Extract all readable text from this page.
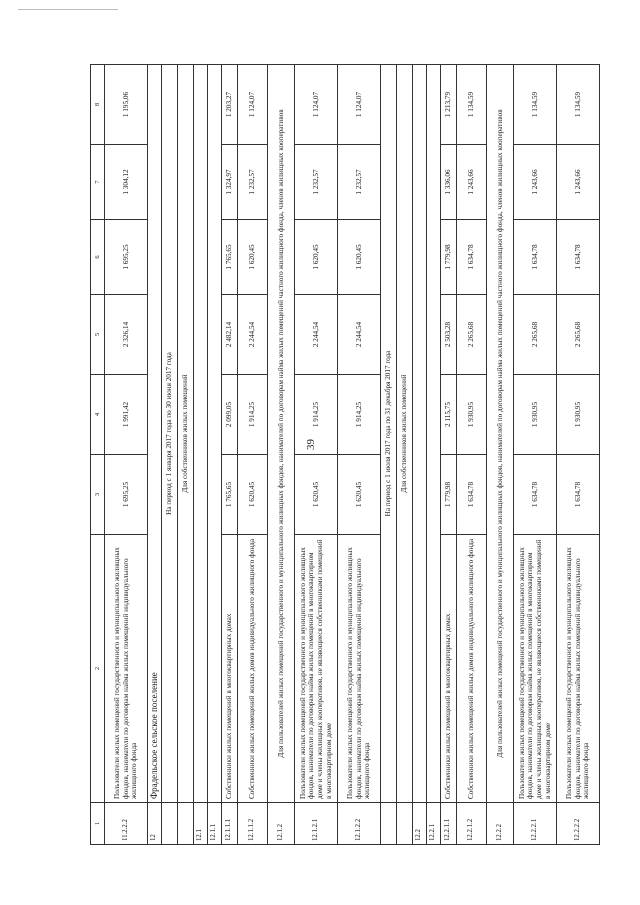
39
1	2	3	4	5	6	7	8
11.2.2.2	Пользователи жилых помещений государственного и муниципального жилищных фондов, наниматели по договорам найма жилых помещений индивидуального жилищного фонда	1 695,25	1 991,42	2 326,14	1 695,25	1 304,12	1 195,06
12	Фрадельское сельское поселение						
	На период с 1 января 2017 года по 30 июня 2017 года						
	Для собственников жилых помещений						
12.1							
12.1.1							
12.1.1.1	Собственники жилых помещений в многоквартирных домах	1 765,65	2 099,05	2 482,14	1 765,65	1 324,97	1 203,27
12.1.1.2	Собственники жилых помещений жилых домов индивидуального жилищного фонда	1 620,45	1 914,25	2 244,54	1 620,45	1 232,57	1 124,07
12.1.2	Для пользователей жилых помещений государственного и муниципального жилищных фондов, нанимателей по договорам найма жилых помещений частного жилищного фонда, членов жилищных кооперативов						
12.1.2.1	Пользователи жилых помещений государственного и муниципального жилищных фондов, наниматели по договорам найма жилых помещений в многоквартирном доме и члены жилищных кооперативов, не являющиеся собственниками помещений в многоквартирном доме	1 620,45	1 914,25	2 244,54	1 620,45	1 232,57	1 124,07
12.1.2.2	Пользователи жилых помещений государственного и муниципального жилищных фондов, наниматели по договорам найма жилых помещений индивидуального жилищного фонда	1 620,45	1 914,25	2 244,54	1 620,45	1 232,57	1 124,07
	На период с 1 июля 2017 года по 31 декабря 2017 года						
	Для собственников жилых помещений						
12.2							
12.2.1							
12.2.1.1	Собственники жилых помещений в многоквартирных домах	1 779,98	2 115,75	2 503,28	1 779,98	1 336,06	1 213,79
12.2.1.2	Собственники жилых помещений жилых домов индивидуального жилищного фонда	1 634,78	1 930,95	2 265,68	1 634,78	1 243,66	1 134,59
12.2.2	Для пользователей жилых помещений государственного и муниципального жилищных фондов, нанимателей по договорам найма жилых помещений частного жилищного фонда, членов жилищных кооперативов						
12.2.2.1	Пользователи жилых помещений государственного и муниципального жилищных фондов, наниматели по договорам найма жилых помещений в многоквартирном доме и члены жилищных кооперативов, не являющиеся собственниками помещений в многоквартирном доме	1 634,78	1 930,95	2 265,68	1 634,78	1 243,66	1 134,59
12.2.2.2	Пользователи жилых помещений государственного и муниципального жилищных фондов, наниматели по договорам найма жилых помещений индивидуального жилищного фонда	1 634,78	1 930,95	2 265,68	1 634,78	1 243,66	1 134,59
